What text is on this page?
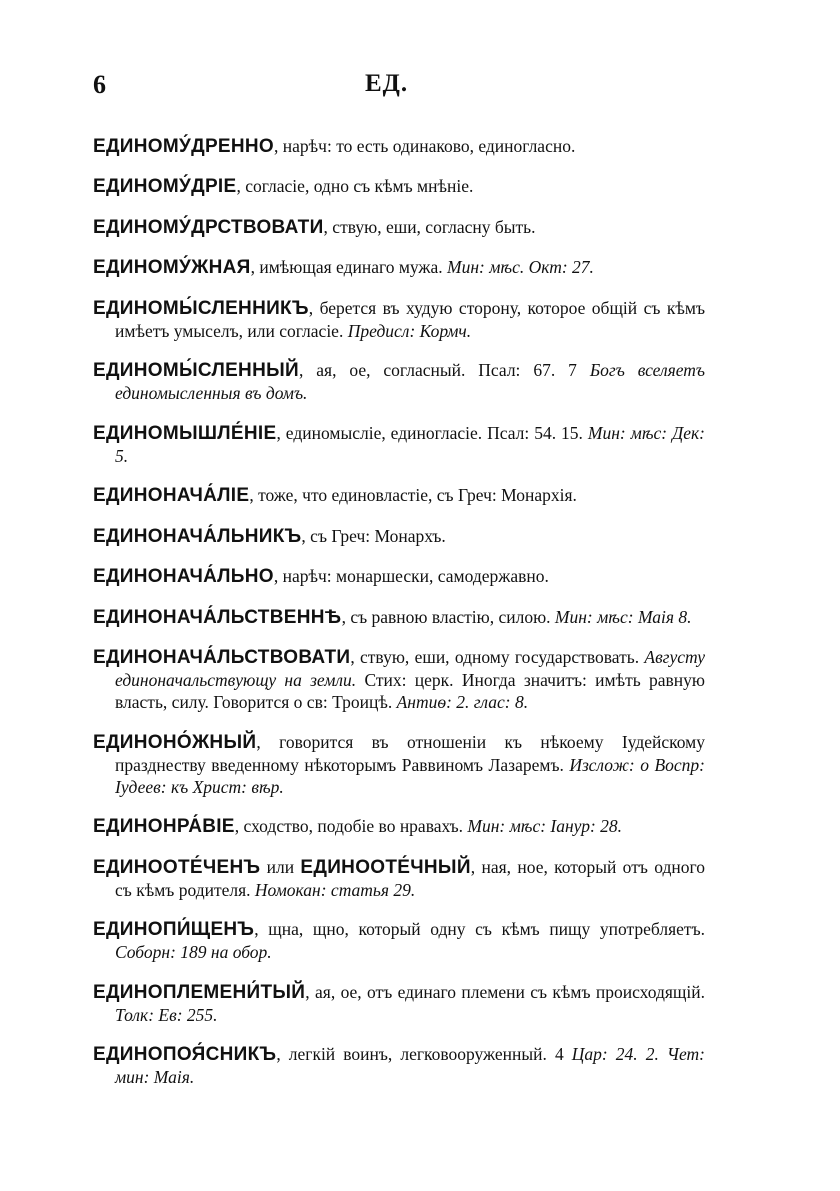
6	ЕД.

ЕДИНОМУ́ДРЕННО, нарѣч: то есть одинаково, единогласно.

ЕДИНОМУ́ДРІЕ, согласіе, одно съ кѣмъ мнѣніе.

ЕДИНОМУ́ДРСТВОВАТИ, ствую, еши, согласну быть.

ЕДИНОМУ́ЖНАЯ, имѣющая единаго мужа. Мин: мѣс. Окт: 27.

ЕДИНОМЫ́СЛЕННИКЪ, берется въ худую сторону, которое общій съ кѣмъ имѣетъ умыселъ, или согласіе. Предисл: Кормч.

ЕДИНОМЫ́СЛЕННЫЙ, ая, ое, согласный. Псал: 67. 7 Богъ вселяетъ единомысленныя въ домъ.

ЕДИНОМЫШЛЕ́НІЕ, единомысліе, единогласіе. Псал: 54. 15. Мин: мѣс: Дек: 5.

ЕДИНОНАЧА́ЛІЕ, тоже, что единовластіе, съ Греч: Монархія.

ЕДИНОНАЧА́ЛЬНИКЪ, съ Греч: Монархъ.

ЕДИНОНАЧА́ЛЬНО, нарѣч: монаршески, самодержавно.

ЕДИНОНАЧА́ЛЬСТВЕННѢ, съ равною властію, силою. Мин: мѣс: Маія 8.

ЕДИНОНАЧА́ЛЬСТВОВАТИ, ствую, еши, одному государствовать. Августу единоначальствующу на земли. Стих: церк. Иногда значитъ: имѣть равную власть, силу. Говорится о св: Троицѣ. Антиѳ: 2. глас: 8.

ЕДИНОНО́ЖНЫЙ, говорится въ отношеніи къ нѣкоему Іудейскому празднеству введенному нѣкоторымъ Раввиномъ Лазаремъ. Изслож: о Воспр: Іудеев: къ Христ: вѣр.

ЕДИНОНРА́ВІЕ, сходство, подобіе во нравахъ. Мин: мѣс: Іанур: 28.

ЕДИНООТЕ́ЧЕНЪ или ЕДИНООТЕ́ЧНЫЙ, ная, ное, который отъ одного съ кѣмъ родителя. Номокан: статья 29.

ЕДИНОПИ́ЩЕНЪ, щна, щно, который одну съ кѣмъ пищу употребляетъ. Соборн: 189 на обор.

ЕДИНОПЛЕМЕНИ́ТЫЙ, ая, ое, отъ единаго племени съ кѣмъ происходящій. Толк: Ев: 255.

ЕДИНОПОЯ́СНИКЪ, легкій воинъ, легковооруженный. 4 Цар: 24. 2. Чет: мин: Маія.
